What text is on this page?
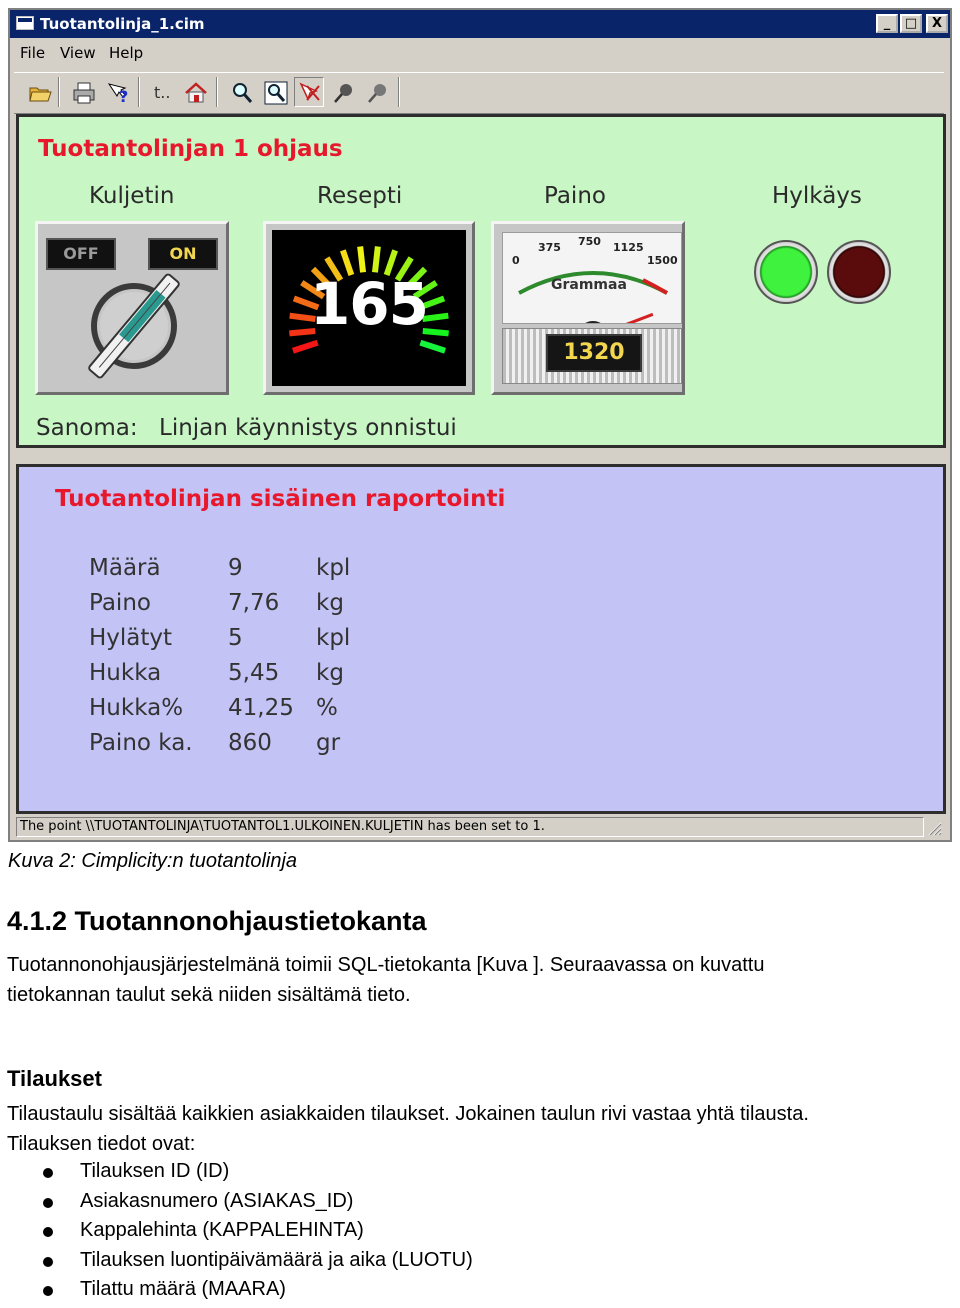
Tuotantolinja_1.cim	_	□	X
File View Help
? t..
Tuotantolinjan 1 ohjaus
Kuljetin	Resepti	Paino	Hylkäys
OFF	ON
165
0
375 750 1125
1500
Grammaa
1320
Sanoma: Linjan käynnistys onnistui
Tuotantolinjan sisäinen raportointi
Määrä	9	kpl
Paino	7,76 kg
Hylätyt 5	kpl
Hukka	5,45 kg
Hukka% 41,25 %
Paino ka. 860 gr
The point \\TUOTANTOLINJA\TUOTANTOL1.ULKOINEN.KULJETIN has been set to 1.
Kuva 2: Cimplicity:n tuotantolinja
4.1.2 Tuotannonohjaustietokanta
Tuotannonohjausjärjestelmänä toimii SQL-tietokanta [Kuva ]. Seuraavassa on kuvattu
tietokannan taulut sekä niiden sisältämä tieto.
Tilaukset
Tilaustaulu sisältää kaikkien asiakkaiden tilaukset. Jokainen taulun rivi vastaa yhtä tilausta.
Tilauksen tiedot ovat:
Tilauksen ID (ID)
Asiakasnumero (ASIAKAS_ID)
Kappalehinta (KAPPALEHINTA)
Tilauksen luontipäivämäärä ja aika (LUOTU)
Tilattu määrä (MAARA)
